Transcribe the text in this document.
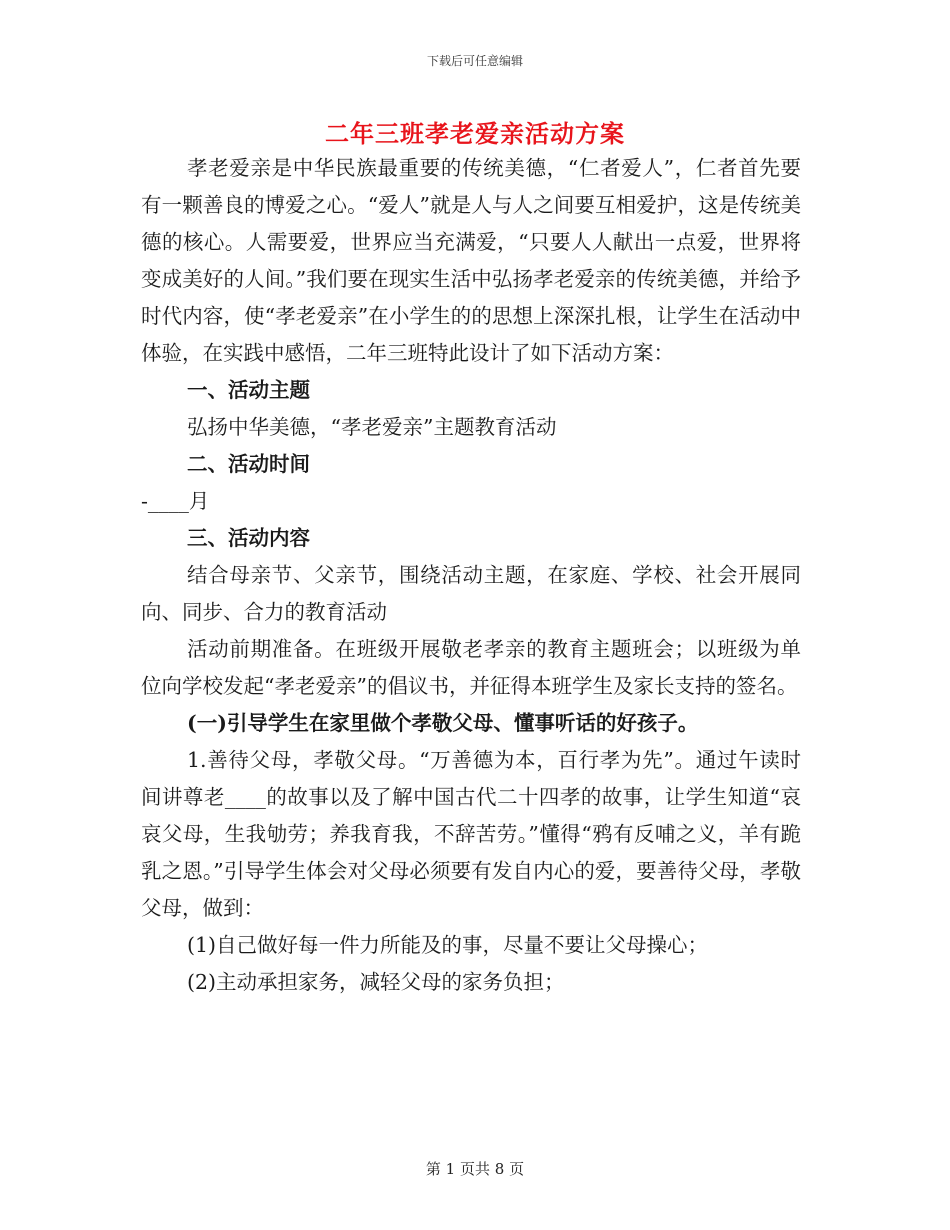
下载后可任意编辑
二年三班孝老爱亲活动方案

孝老爱亲是中华民族最重要的传统美德，“仁者爱人”，仁者首先要有一颗善良的博爱之心。“爱人”就是人与人之间要互相爱护，这是传统美德的核心。人需要爱，世界应当充满爱，“只要人人献出一点爱，世界将变成美好的人间。”我们要在现实生活中弘扬孝老爱亲的传统美德，并给予时代内容，使“孝老爱亲”在小学生的的思想上深深扎根，让学生在活动中体验，在实践中感悟，二年三班特此设计了如下活动方案：

一、活动主题

弘扬中华美德，“孝老爱亲”主题教育活动

二、活动时间

-____月

三、活动内容

结合母亲节、父亲节，围绕活动主题，在家庭、学校、社会开展同向、同步、合力的教育活动

活动前期准备。在班级开展敬老孝亲的教育主题班会；以班级为单位向学校发起“孝老爱亲”的倡议书，并征得本班学生及家长支持的签名。

(一)引导学生在家里做个孝敬父母、懂事听话的好孩子。

1.善待父母，孝敬父母。“万善德为本，百行孝为先”。通过午读时间讲尊老____的故事以及了解中国古代二十四孝的故事，让学生知道“哀哀父母，生我劬劳；养我育我，不辞苦劳。”懂得“鸦有反哺之义，羊有跪乳之恩。”引导学生体会对父母必须要有发自内心的爱，要善待父母，孝敬父母，做到：

(1)自己做好每一件力所能及的事，尽量不要让父母操心；

(2)主动承担家务，减轻父母的家务负担；

第 1 页共 8 页
